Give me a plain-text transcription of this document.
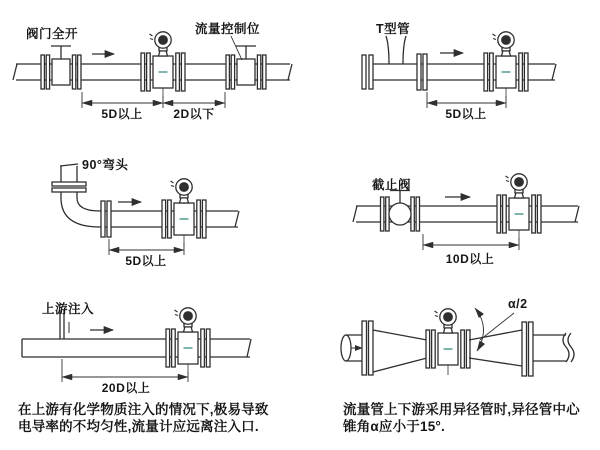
阀门全开	流量控制位
5D以上	2D以下
T型管
5D以上
90°弯头
5D以上
截止阀
10D以上
上游注入
20D以上
α/2
在上游有化学物质注入的情况下,极易导致
电导率的不均匀性,流量计应远离注入口.
流量管上下游采用异径管时,异径管中心
锥角α应小于15°.
